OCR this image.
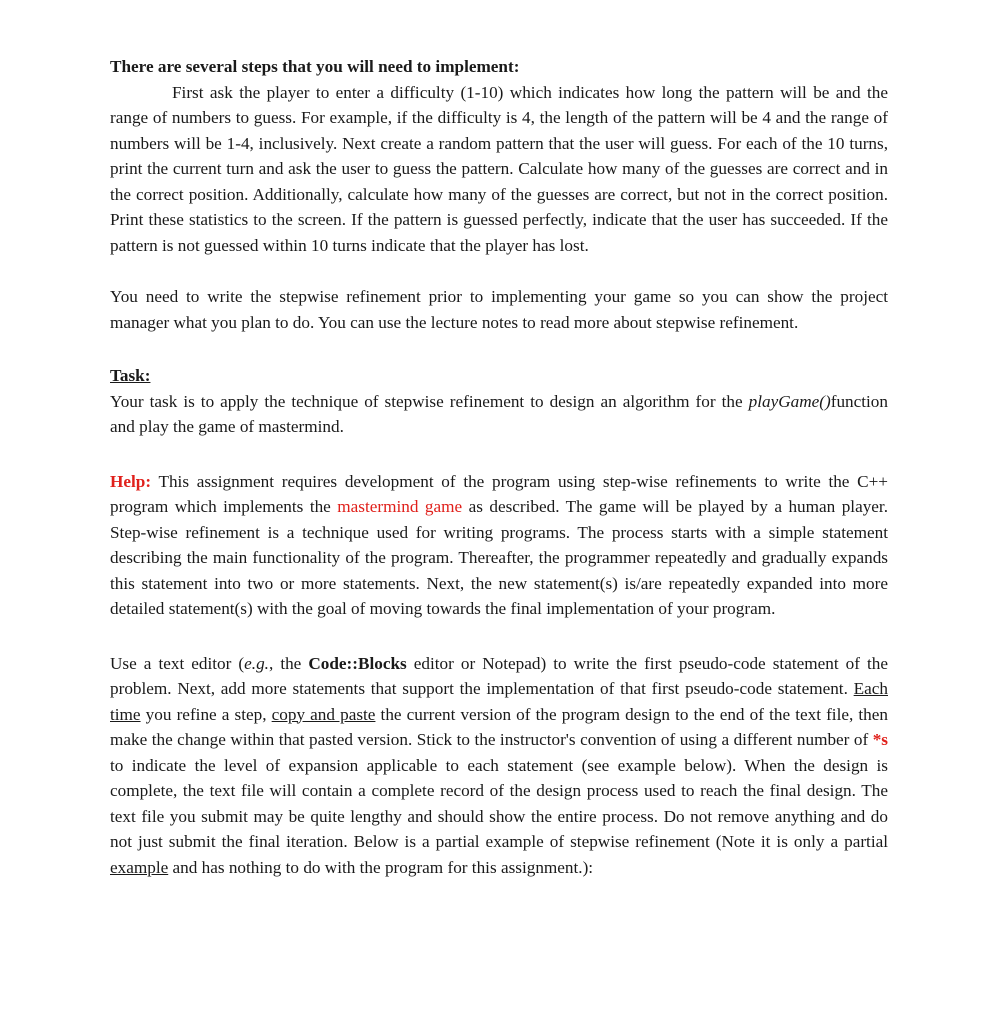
There are several steps that you will need to implement:

First ask the player to enter a difficulty (1-10) which indicates how long the pattern will be and the range of numbers to guess. For example, if the difficulty is 4, the length of the pattern will be 4 and the range of numbers will be 1-4, inclusively. Next create a random pattern that the user will guess. For each of the 10 turns, print the current turn and ask the user to guess the pattern. Calculate how many of the guesses are correct and in the correct position. Additionally, calculate how many of the guesses are correct, but not in the correct position. Print these statistics to the screen. If the pattern is guessed perfectly, indicate that the user has succeeded. If the pattern is not guessed within 10 turns indicate that the player has lost.

You need to write the stepwise refinement prior to implementing your game so you can show the project manager what you plan to do. You can use the lecture notes to read more about stepwise refinement.

Task:

Your task is to apply the technique of stepwise refinement to design an algorithm for the playGame()function and play the game of mastermind.

Help: This assignment requires development of the program using step-wise refinements to write the C++ program which implements the mastermind game as described. The game will be played by a human player. Step-wise refinement is a technique used for writing programs. The process starts with a simple statement describing the main functionality of the program. Thereafter, the programmer repeatedly and gradually expands this statement into two or more statements. Next, the new statement(s) is/are repeatedly expanded into more detailed statement(s) with the goal of moving towards the final implementation of your program.

Use a text editor (e.g., the Code::Blocks editor or Notepad) to write the first pseudo-code statement of the problem. Next, add more statements that support the implementation of that first pseudo-code statement. Each time you refine a step, copy and paste the current version of the program design to the end of the text file, then make the change within that pasted version. Stick to the instructor's convention of using a different number of *s to indicate the level of expansion applicable to each statement (see example below). When the design is complete, the text file will contain a complete record of the design process used to reach the final design. The text file you submit may be quite lengthy and should show the entire process. Do not remove anything and do not just submit the final iteration. Below is a partial example of stepwise refinement (Note it is only a partial example and has nothing to do with the program for this assignment.):
